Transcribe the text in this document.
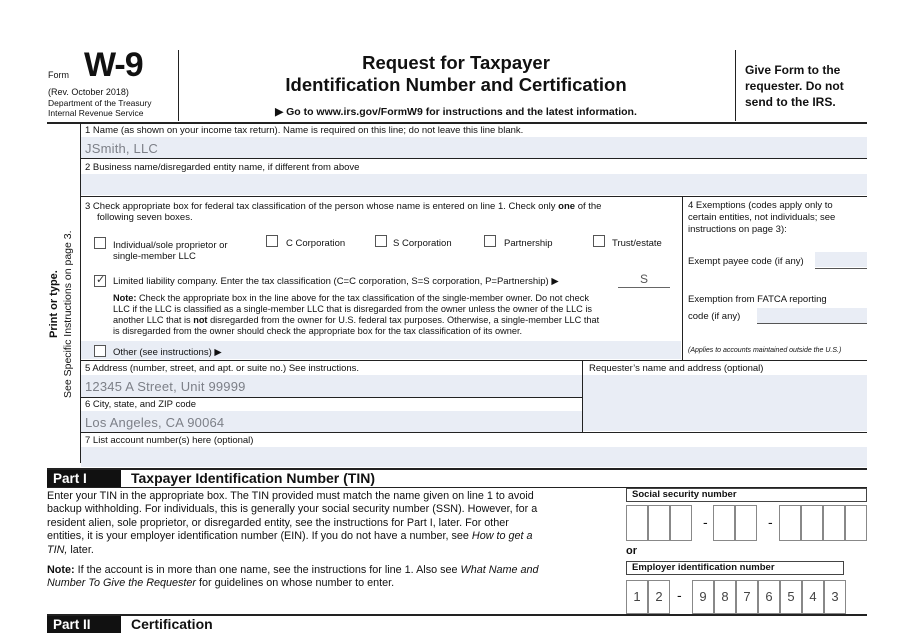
Form W-9
(Rev. October 2018)
Department of the Treasury
Internal Revenue Service
Request for Taxpayer
Identification Number and Certification
▶ Go to www.irs.gov/FormW9 for instructions and the latest information.
Give Form to the requester. Do not send to the IRS.
Print or type. See Specific Instructions on page 3.
1 Name (as shown on your income tax return). Name is required on this line; do not leave this line blank.
JSmith, LLC
2 Business name/disregarded entity name, if different from above
3 Check appropriate box for federal tax classification of the person whose name is entered on line 1. Check only one of the
following seven boxes.
Individual/sole proprietor or
single-member LLC
C Corporation	S Corporation	Partnership	Trust/estate
✓
Limited liability company. Enter the tax classification (C=C corporation, S=S corporation, P=Partnership) ▶	S
Note: Check the appropriate box in the line above for the tax classification of the single-member owner. Do not check
LLC if the LLC is classified as a single-member LLC that is disregarded from the owner unless the owner of the LLC is
another LLC that is not disregarded from the owner for U.S. federal tax purposes. Otherwise, a single-member LLC that
is disregarded from the owner should check the appropriate box for the tax classification of its owner.
Other (see instructions) ▶
4 Exemptions (codes apply only to
certain entities, not individuals; see
instructions on page 3):
Exempt payee code (if any)
Exemption from FATCA reporting
code (if any)
(Applies to accounts maintained outside the U.S.)
5 Address (number, street, and apt. or suite no.) See instructions.
12345 A Street, Unit 99999
Requester’s name and address (optional)
6 City, state, and ZIP code
Los Angeles, CA 90064
7 List account number(s) here (optional)
Part I	Taxpayer Identification Number (TIN)
Enter your TIN in the appropriate box. The TIN provided must match the name given on line 1 to avoid
backup withholding. For individuals, this is generally your social security number (SSN). However, for a
resident alien, sole proprietor, or disregarded entity, see the instructions for Part I, later. For other
entities, it is your employer identification number (EIN). If you do not have a number, see How to get a
TIN, later.
Note: If the account is in more than one name, see the instructions for line 1. Also see What Name and
Number To Give the Requester for guidelines on whose number to enter.
Social security number
-	-
or
Employer identification number
1	2	-	9	8	7	6	5	4	3
Part II	Certification
